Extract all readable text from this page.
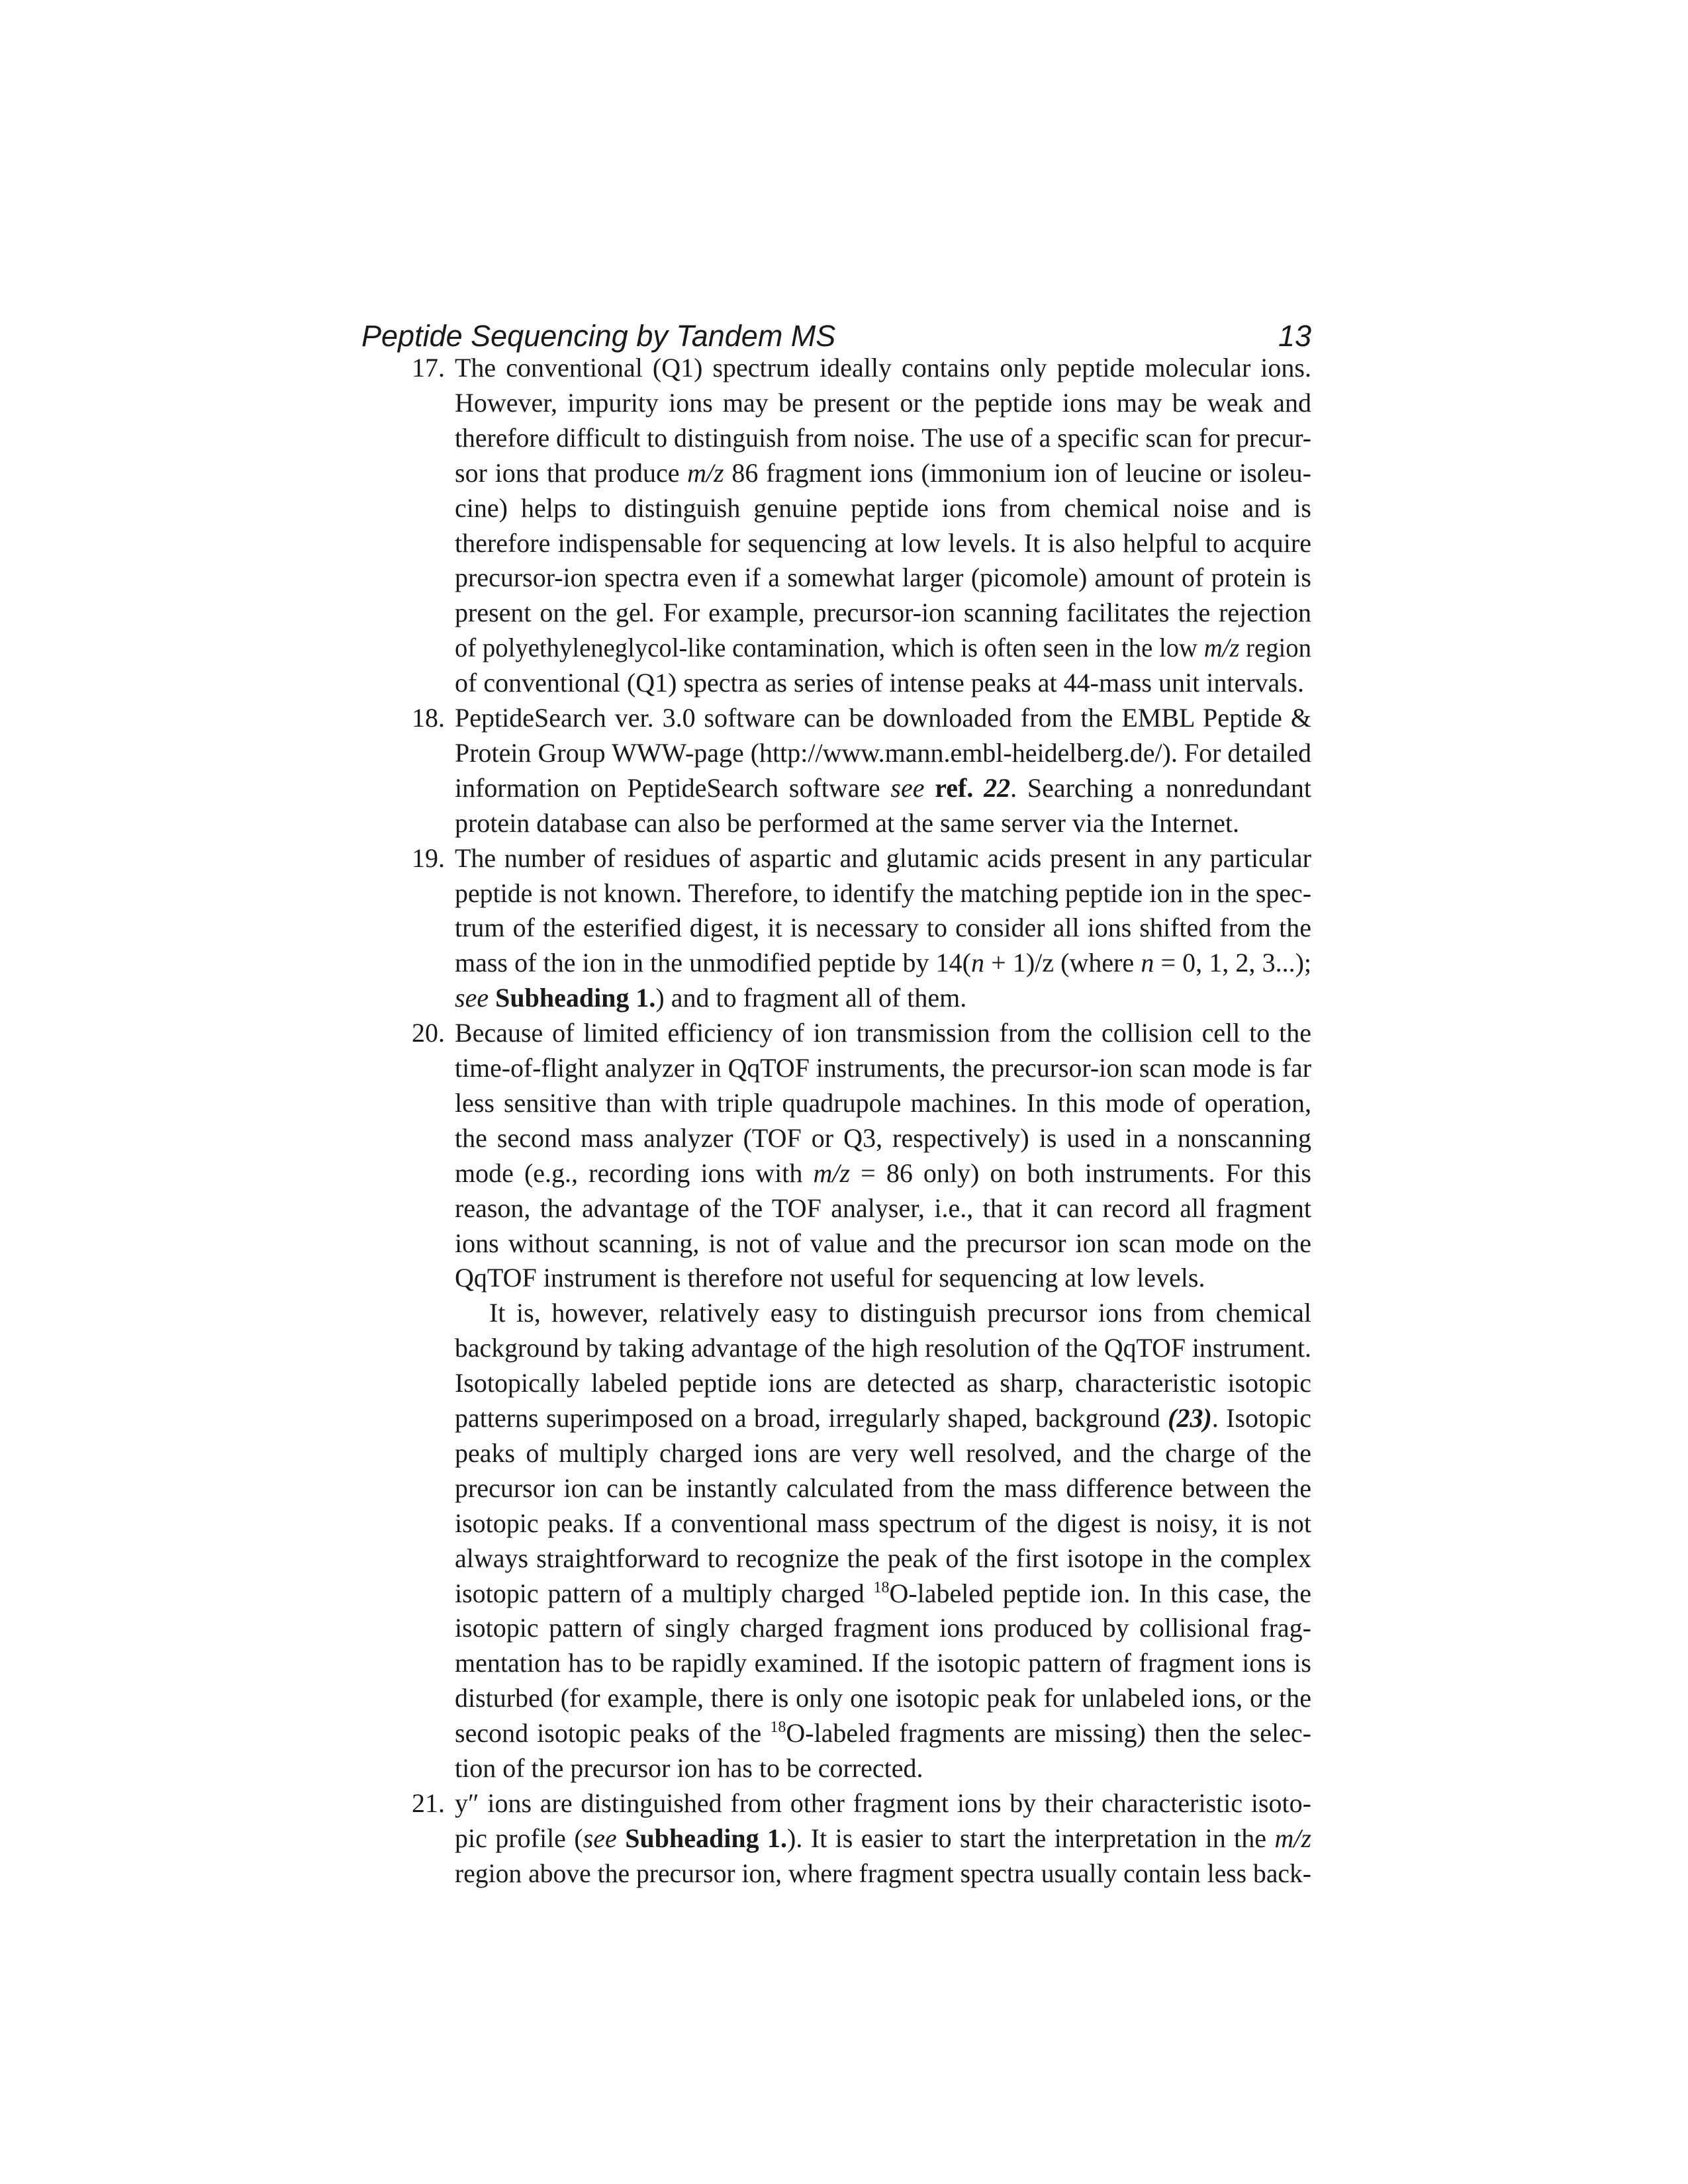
Peptide Sequencing by Tandem MS	13
17. The conventional (Q1) spectrum ideally contains only peptide molecular ions.
However, impurity ions may be present or the peptide ions may be weak and
therefore difficult to distinguish from noise. The use of a specific scan for precur-
sor ions that produce m/z 86 fragment ions (immonium ion of leucine or isoleu-
cine) helps to distinguish genuine peptide ions from chemical noise and is
therefore indispensable for sequencing at low levels. It is also helpful to acquire
precursor-ion spectra even if a somewhat larger (picomole) amount of protein is
present on the gel. For example, precursor-ion scanning facilitates the rejection
of polyethyleneglycol-like contamination, which is often seen in the low m/z region
of conventional (Q1) spectra as series of intense peaks at 44-mass unit intervals.
18. PeptideSearch ver. 3.0 software can be downloaded from the EMBL Peptide &
Protein Group WWW-page (http://www.mann.embl-heidelberg.de/). For detailed
information on PeptideSearch software see ref. 22. Searching a nonredundant
protein database can also be performed at the same server via the Internet.
19. The number of residues of aspartic and glutamic acids present in any particular
peptide is not known. Therefore, to identify the matching peptide ion in the spec-
trum of the esterified digest, it is necessary to consider all ions shifted from the
mass of the ion in the unmodified peptide by 14(n + 1)/z (where n = 0, 1, 2, 3...);
see Subheading 1.) and to fragment all of them.
20. Because of limited efficiency of ion transmission from the collision cell to the
time-of-flight analyzer in QqTOF instruments, the precursor-ion scan mode is far
less sensitive than with triple quadrupole machines. In this mode of operation,
the second mass analyzer (TOF or Q3, respectively) is used in a nonscanning
mode (e.g., recording ions with m/z = 86 only) on both instruments. For this
reason, the advantage of the TOF analyser, i.e., that it can record all fragment
ions without scanning, is not of value and the precursor ion scan mode on the
QqTOF instrument is therefore not useful for sequencing at low levels.
It is, however, relatively easy to distinguish precursor ions from chemical
background by taking advantage of the high resolution of the QqTOF instrument.
Isotopically labeled peptide ions are detected as sharp, characteristic isotopic
patterns superimposed on a broad, irregularly shaped, background (23). Isotopic
peaks of multiply charged ions are very well resolved, and the charge of the
precursor ion can be instantly calculated from the mass difference between the
isotopic peaks. If a conventional mass spectrum of the digest is noisy, it is not
always straightforward to recognize the peak of the first isotope in the complex
isotopic pattern of a multiply charged $^{18}$O-labeled peptide ion. In this case, the
isotopic pattern of singly charged fragment ions produced by collisional frag-
mentation has to be rapidly examined. If the isotopic pattern of fragment ions is
disturbed (for example, there is only one isotopic peak for unlabeled ions, or the
second isotopic peaks of the $^{18}$O-labeled fragments are missing) then the selec-
tion of the precursor ion has to be corrected.
21. y″ ions are distinguished from other fragment ions by their characteristic isoto-
pic profile (see Subheading 1.). It is easier to start the interpretation in the m/z
region above the precursor ion, where fragment spectra usually contain less back-
